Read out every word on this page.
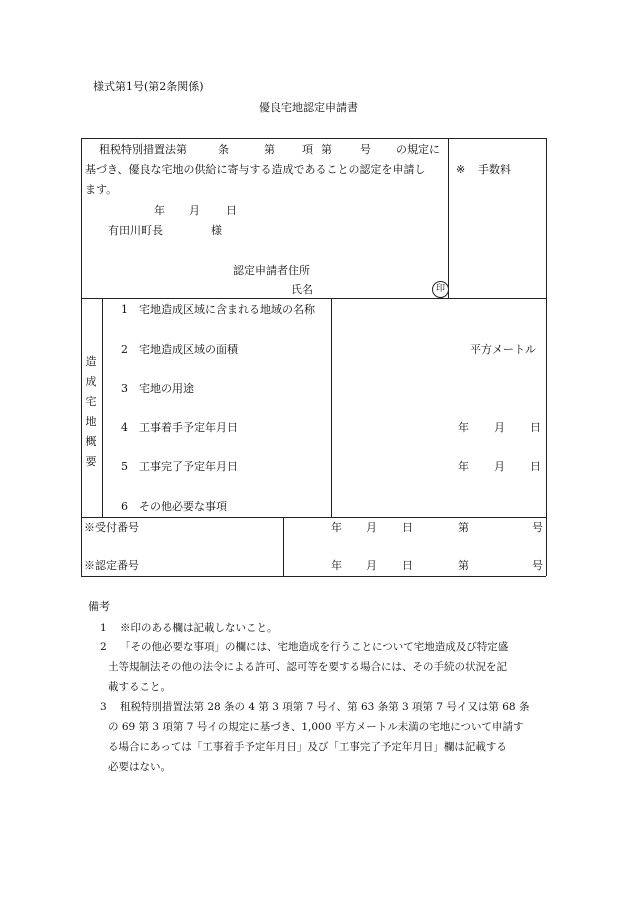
様式第1号(第2条関係)
優良宅地認定申請書
租税特別措置法第	条	第 項 第	号 の規定に
基づき、優良な宅地の供給に寄与する造成であることの認定を申請し
ます。
年 月 日
有田川町長	様
認定申請者住所
氏名	印
※ 手数料
造
成
宅
地
概
要
1 宅地造成区域に含まれる地域の名称
2 宅地造成区域の面積	平方メートル
3 宅地の用途
4 工事着手予定年月日	年 月 日
5 工事完了予定年月日	年 月 日
6 その他必要な事項
※受付番号	年 月 日	第	号
※認定番号	年 月 日	第	号
備考
1 ※印のある欄は記載しないこと。
2 「その他必要な事項」の欄には、宅地造成を行うことについて宅地造成及び特定盛
土等規制法その他の法令による許可、認可等を要する場合には、その手続の状況を記
載すること。
3 租税特別措置法第 28 条の 4 第 3 項第 7 号イ、第 63 条第 3 項第 7 号イ又は第 68 条
の 69 第 3 項第 7 号イの規定に基づき、1,000 平方メートル未満の宅地について申請す
る場合にあっては「工事着手予定年月日」及び「工事完了予定年月日」欄は記載する
必要はない。
